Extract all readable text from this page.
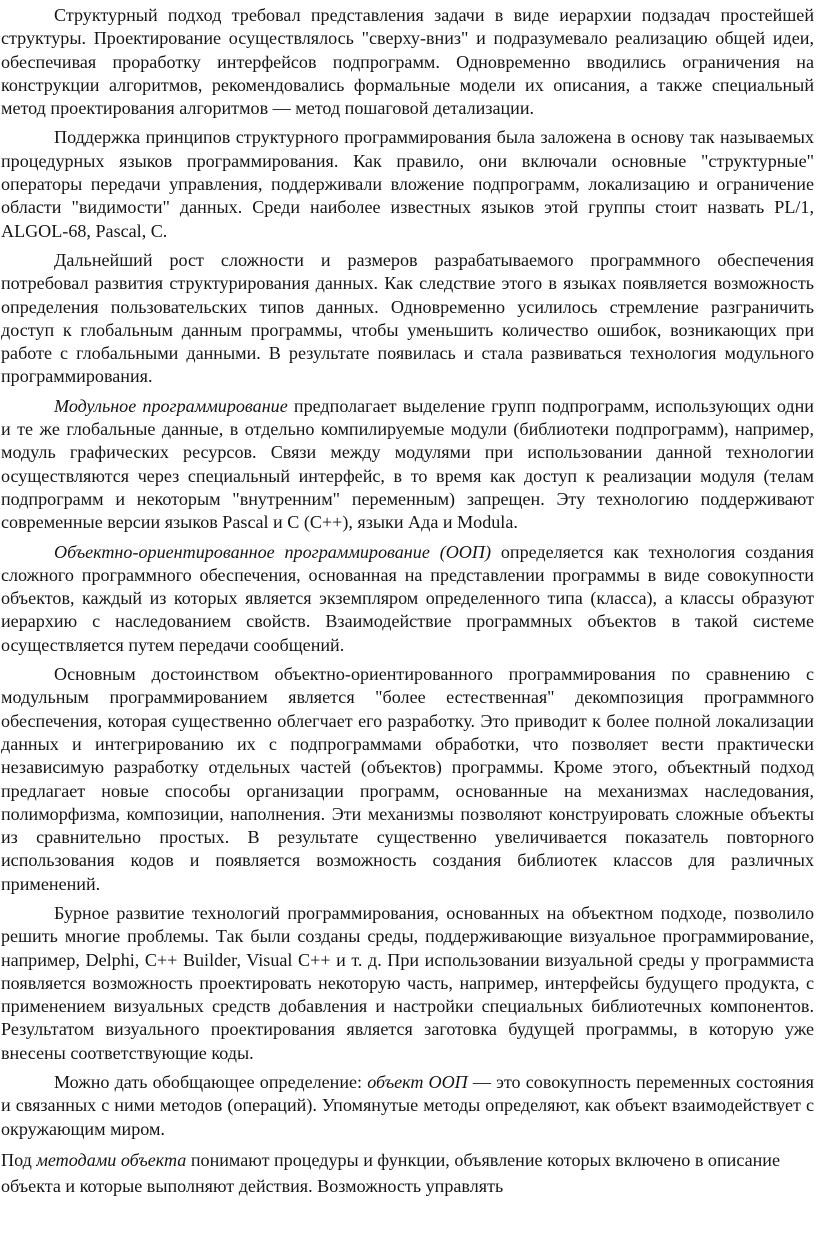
Структурный подход требовал представления задачи в виде иерархии подзадач простейшей структуры. Проектирование осуществлялось "сверху-вниз" и подразумевало реализацию общей идеи, обеспечивая проработку интерфейсов подпрограмм. Одновременно вводились ограничения на конструкции алгоритмов, рекомендовались формальные модели их описания, а также специальный метод проектирования алгоритмов — метод пошаговой детализации.

Поддержка принципов структурного программирования была заложена в основу так называемых процедурных языков программирования. Как правило, они включали основные "структурные" операторы передачи управления, поддерживали вложение подпрограмм, локализацию и ограничение области "видимости" данных. Среди наиболее известных языков этой группы стоит назвать PL/1, ALGOL-68, Pascal, С.

Дальнейший рост сложности и размеров разрабатываемого программного обеспечения потребовал развития структурирования данных. Как следствие этого в языках появляется возможность определения пользовательских типов данных. Одновременно усилилось стремление разграничить доступ к глобальным данным программы, чтобы уменьшить количество ошибок, возникающих при работе с глобальными данными. В результате появилась и стала развиваться технология модульного программирования.

Модульное программирование предполагает выделение групп подпрограмм, использующих одни и те же глобальные данные, в отдельно компилируемые модули (библиотеки подпрограмм), например, модуль графических ресурсов. Связи между модулями при использовании данной технологии осуществляются через специальный интерфейс, в то время как доступ к реализации модуля (телам подпрограмм и некоторым "внутренним" переменным) запрещен. Эту технологию поддерживают современные версии языков Pascal и С (С++), языки Ада и Modula.

Объектно-ориентированное программирование (ООП) определяется как технология создания сложного программного обеспечения, основанная на представлении программы в виде совокупности объектов, каждый из которых является экземпляром определенного типа (класса), а классы образуют иерархию с наследованием свойств. Взаимодействие программных объектов в такой системе осуществляется путем передачи сообщений.

Основным достоинством объектно-ориентированного программирования по сравнению с модульным программированием является "более естественная" декомпозиция программного обеспечения, которая существенно облегчает его разработку. Это приводит к более полной локализации данных и интегрированию их с подпрограммами обработки, что позволяет вести практически независимую разработку отдельных частей (объектов) программы. Кроме этого, объектный подход предлагает новые способы организации программ, основанные на механизмах наследования, полиморфизма, композиции, наполнения. Эти механизмы позволяют конструировать сложные объекты из сравнительно простых. В результате существенно увеличивается показатель повторного использования кодов и появляется возможность создания библиотек классов для различных применений.

Бурное развитие технологий программирования, основанных на объектном подходе, позволило решить многие проблемы. Так были созданы среды, поддерживающие визуальное программирование, например, Delphi, С++ Builder, Visual С++ и т. д. При использовании визуальной среды у программиста появляется возможность проектировать некоторую часть, например, интерфейсы будущего продукта, с применением визуальных средств добавления и настройки специальных библиотечных компонентов. Результатом визуального проектирования является заготовка будущей программы, в которую уже внесены соответствующие коды.

Можно дать обобщающее определение: объект ООП — это совокупность переменных состояния и связанных с ними методов (операций). Упомянутые методы определяют, как объект взаимодействует с окружающим миром.

Под методами объекта понимают процедуры и функции, объявление которых включено в описание объекта и которые выполняют действия. Возможность управлять
